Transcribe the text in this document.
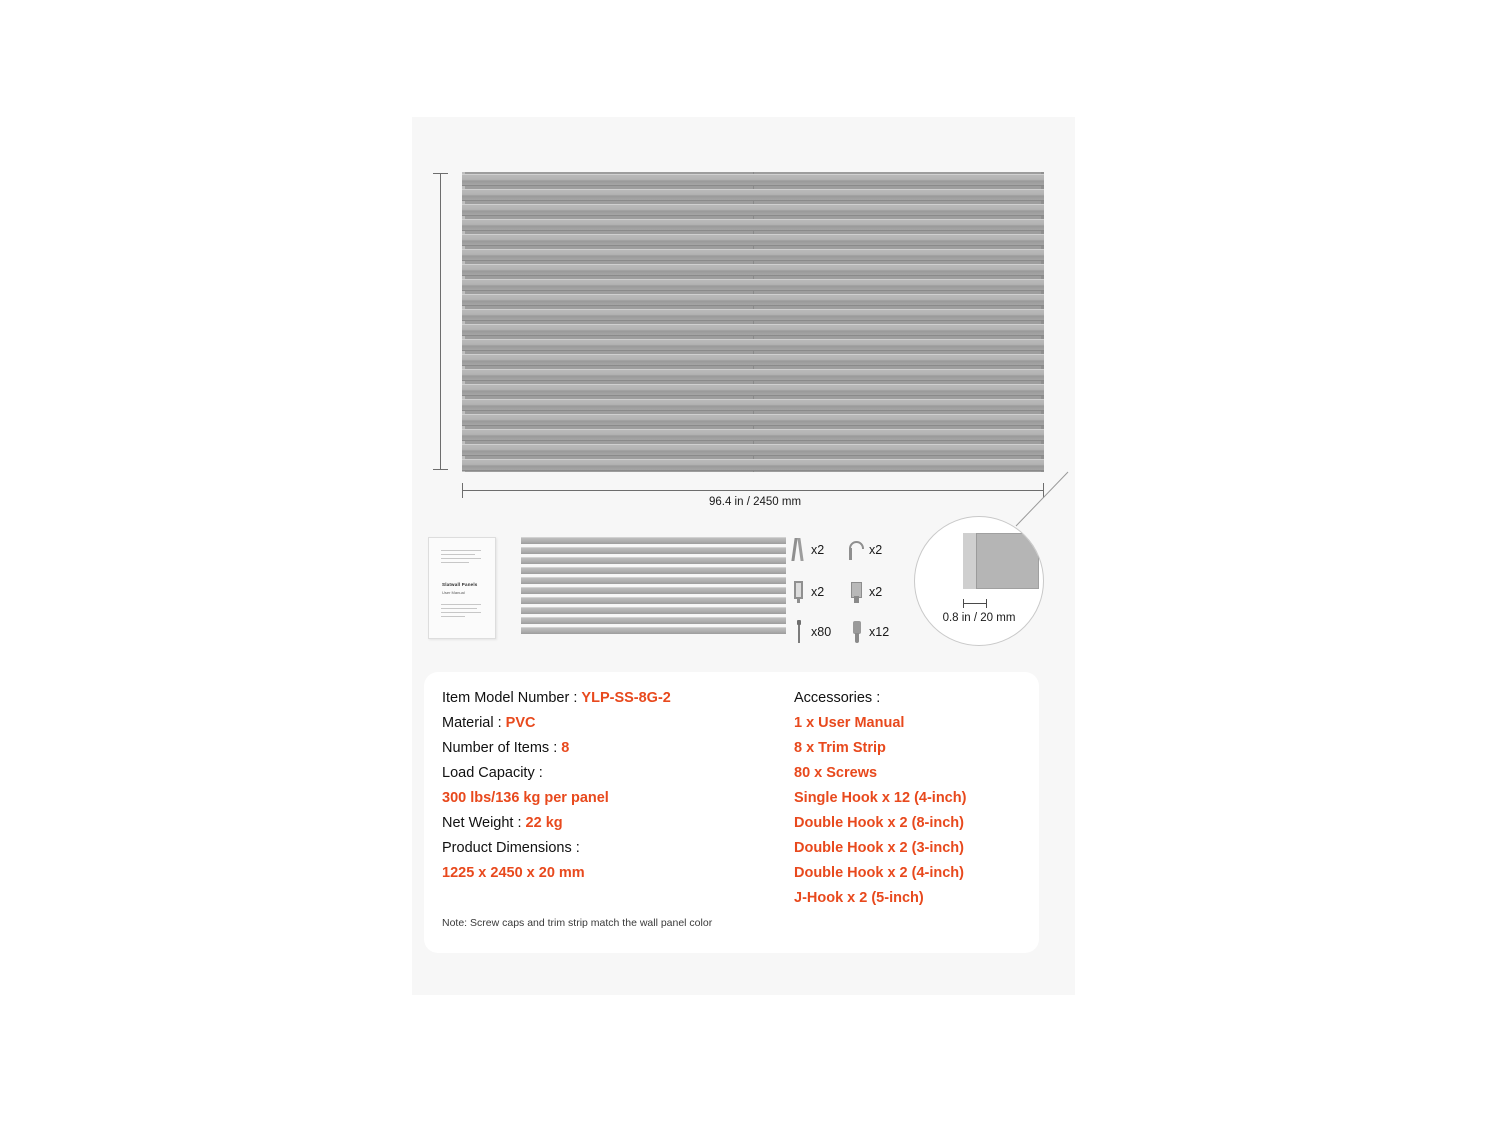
96.4 in / 2450 mm
0.8 in / 20 mm
Slatwall Panels
User Manual
x2	x2
x2	x2
x80	x12
Item Model Number : YLP-SS-8G-2
Material : PVC
Number of Items : 8
Load Capacity :
300 lbs/136 kg per panel
Net Weight : 22 kg
Product Dimensions :
1225 x 2450 x 20 mm
Accessories :
1 x User Manual
8 x Trim Strip
80 x Screws
Single Hook x 12 (4-inch)
Double Hook x 2 (8-inch)
Double Hook x 2 (3-inch)
Double Hook x 2 (4-inch)
J-Hook x 2 (5-inch)
Note: Screw caps and trim strip match the wall panel color
